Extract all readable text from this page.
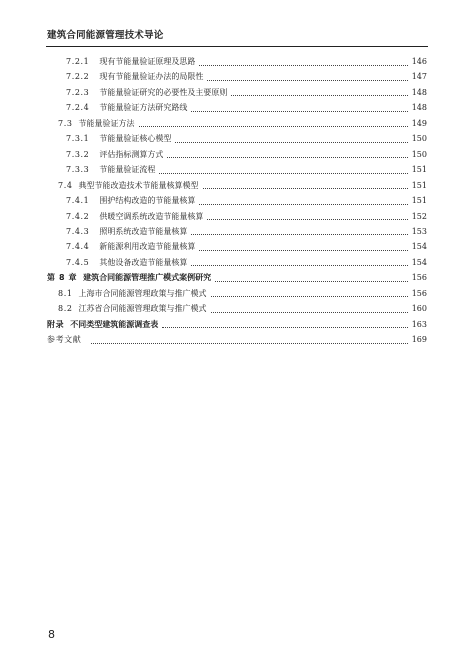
建筑合同能源管理技术导论
7.2.1	现有节能量验证原理及思路	146
7.2.2	现有节能量验证办法的局限性	147
7.2.3	节能量验证研究的必要性及主要原则	148
7.2.4	节能量验证方法研究路线	148
7.3 节能量验证方法	149
7.3.1	节能量验证核心模型	150
7.3.2	评估指标测算方式	150
7.3.3	节能量验证流程	151
7.4 典型节能改造技术节能量核算模型	151
7.4.1	围护结构改造的节能量核算	151
7.4.2	供暖空调系统改造节能量核算	152
7.4.3	照明系统改造节能量核算	153
7.4.4	新能源利用改造节能量核算	154
7.4.5	其他设备改造节能量核算	154
第 8 章 建筑合同能源管理推广模式案例研究	156
8.1 上海市合同能源管理政策与推广模式	156
8.2 江苏省合同能源管理政策与推广模式	160
附录 不同类型建筑能源调查表	163
参考文献	169
8
